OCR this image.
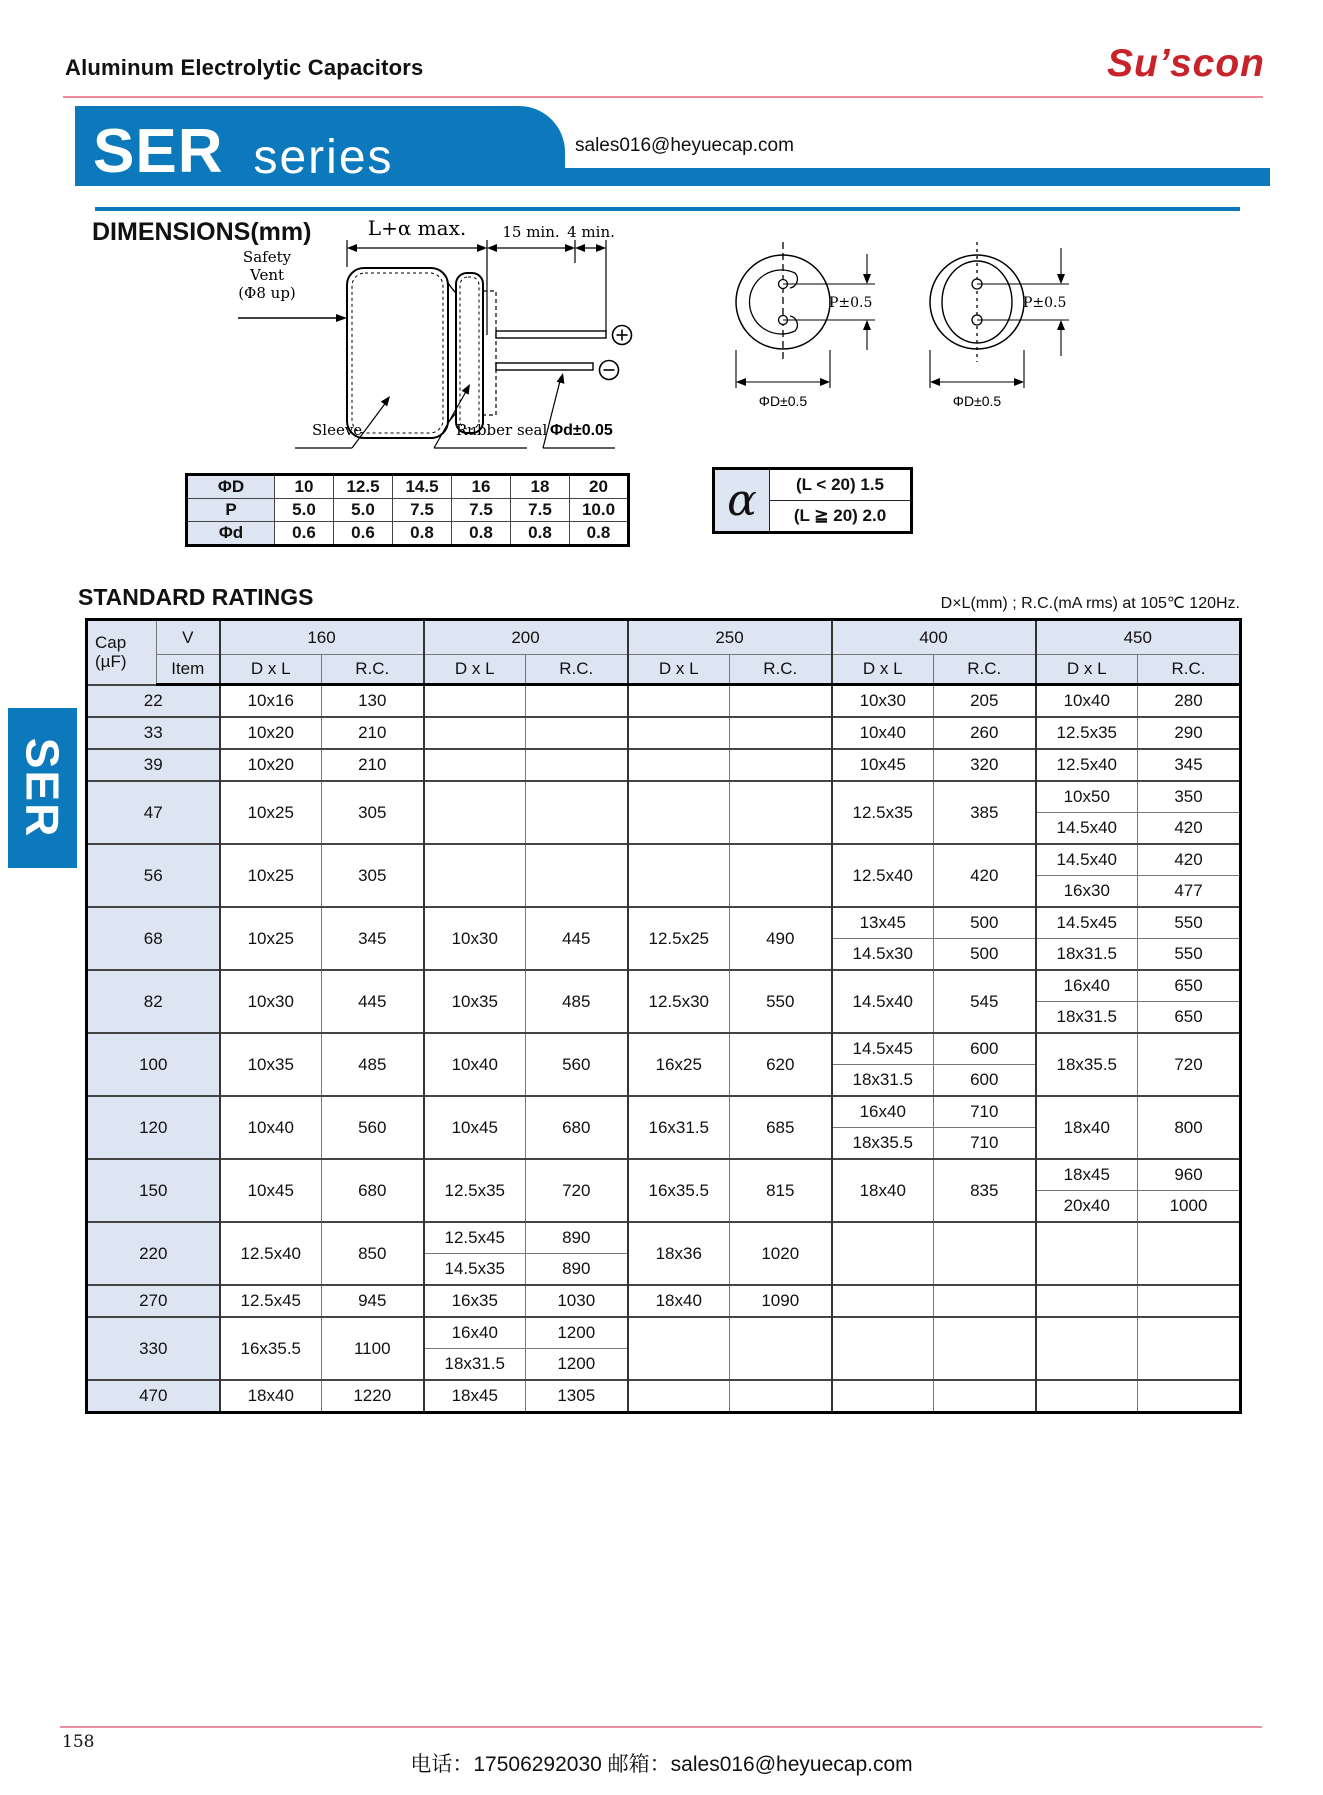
Aluminum Electrolytic Capacitors	Su’scon
SER series	sales016@heyuecap.com
DIMENSIONS(mm)	L+α max. 15 min. 4 min.
Safety
Vent
(Φ8 up)
Sleeve	Rubber seal Φd±0.05
P±0.5
ΦD±0.5
P±0.5
ΦD±0.5
ΦD	10	12.5	14.5	16	18	20
P	5.0	5.0	7.5	7.5	7.5	10.0
Φd	0.6	0.6	0.8	0.8	0.8	0.8
α	(L < 20) 1.5
(L ≧ 20) 2.0
STANDARD RATINGS	D×L(mm) ; R.C.(mA rms) at 105℃ 120Hz.
Cap
(µF)	V	160		200		250		400		450	
	Item	D x L	R.C.	D x L	R.C.	D x L	R.C.	D x L	R.C.	D x L	R.C.
22		10x16	130					10x30	205	10x40	280
33		10x20	210					10x40	260	12.5x35	290
39		10x20	210					10x45	320	12.5x40	345
47		10x25	305					12.5x35	385	10x50	350
										14.5x40	420
56		10x25	305					12.5x40	420	14.5x40	420
										16x30	477
68		10x25	345	10x30	445	12.5x25	490	13x45	500	14.5x45	550
								14.5x30	500	18x31.5	550
82		10x30	445	10x35	485	12.5x30	550	14.5x40	545	16x40	650
										18x31.5	650
100		10x35	485	10x40	560	16x25	620	14.5x45	600	18x35.5	720
								18x31.5	600		
120		10x40	560	10x45	680	16x31.5	685	16x40	710	18x40	800
								18x35.5	710		
150		10x45	680	12.5x35	720	16x35.5	815	18x40	835	18x45	960
										20x40	1000
220		12.5x40	850	12.5x45	890	18x36	1020				
				14.5x35	890						
270		12.5x45	945	16x35	1030	18x40	1090				
330		16x35.5	1100	16x40	1200						
				18x31.5	1200						
470		18x40	1220	18x45	1305						
SER
158
电话：17506292030 邮箱：sales016@heyuecap.com
